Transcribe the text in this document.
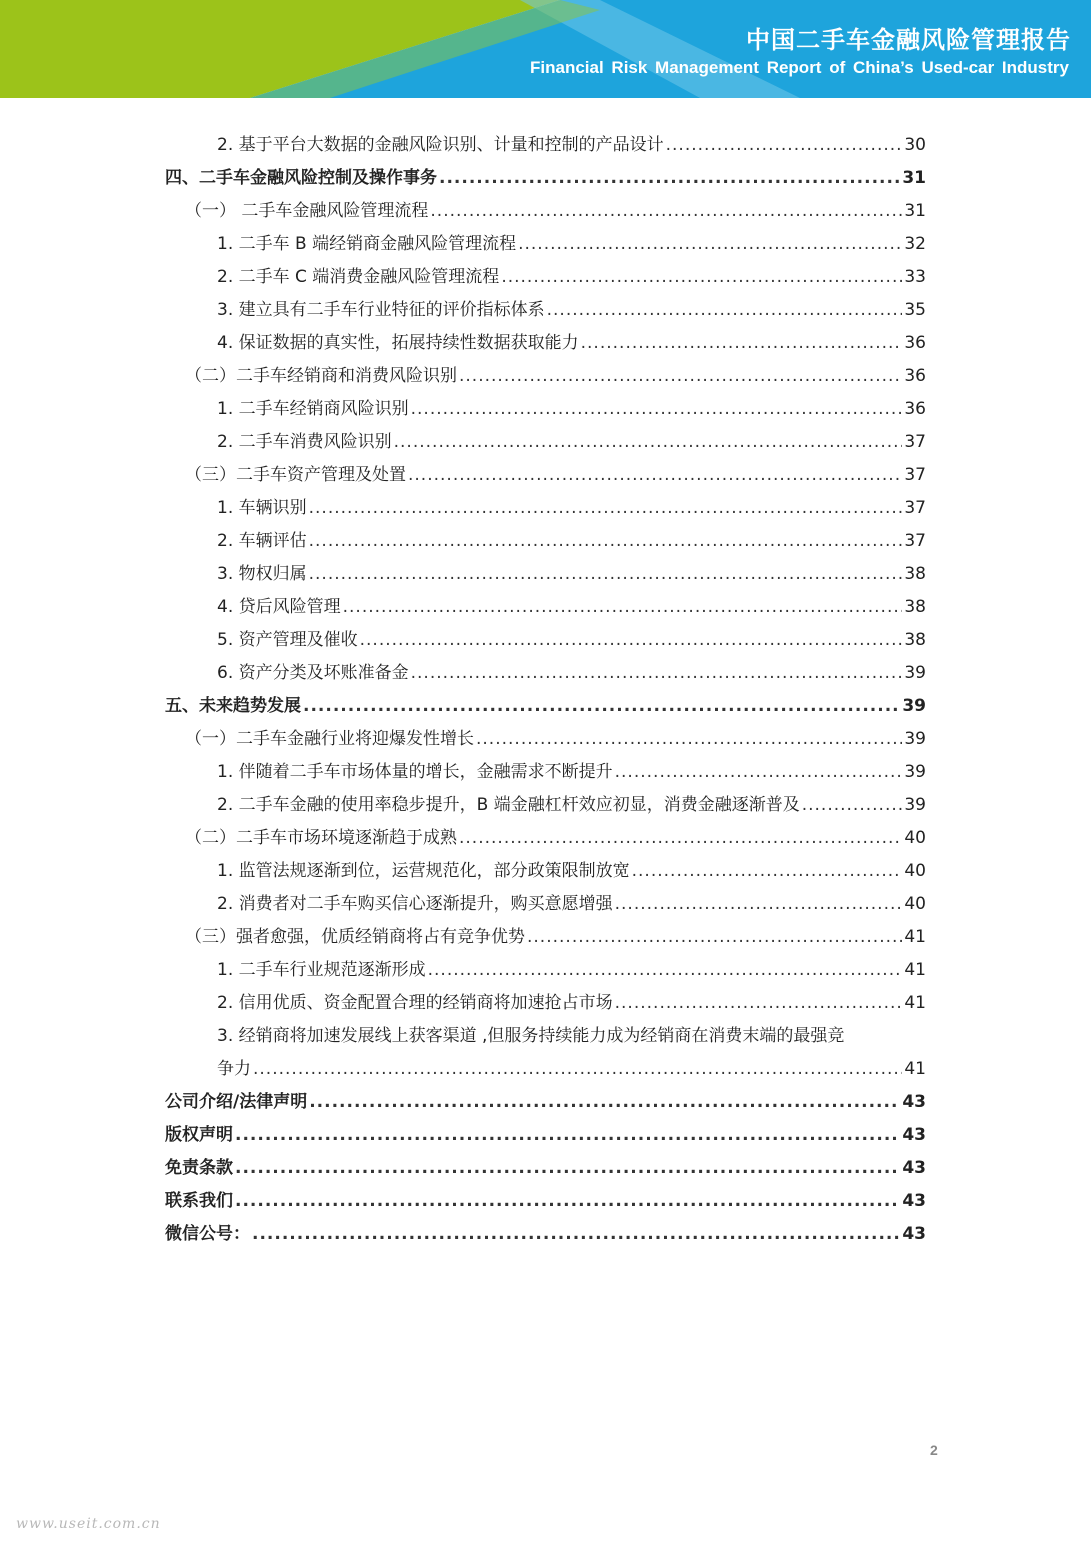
中国二手车金融风险管理报告
Financial Risk Management Report of China’s Used-car Industry
2. 基于平台大数据的金融风险识别、计量和控制的产品设计 .....	30
四、二手车金融风险控制及操作事务 .....	31
（一） 二手车金融风险管理流程 .....	31
1. 二手车 B 端经销商金融风险管理流程 .....	32
2. 二手车 C 端消费金融风险管理流程 .....	33
3. 建立具有二手车行业特征的评价指标体系 .....	35
4. 保证数据的真实性，拓展持续性数据获取能力 .....	36
（二）二手车经销商和消费风险识别 .....	36
1. 二手车经销商风险识别 .....	36
2. 二手车消费风险识别 .....	37
（三）二手车资产管理及处置 .....	37
1. 车辆识别 .....	37
2. 车辆评估 .....	37
3. 物权归属 .....	38
4. 贷后风险管理 .....	38
5. 资产管理及催收 .....	38
6. 资产分类及坏账准备金 .....	39
五、未来趋势发展 .....	39
（一）二手车金融行业将迎爆发性增长 .....	39
1. 伴随着二手车市场体量的增长，金融需求不断提升 .....	39
2. 二手车金融的使用率稳步提升，B 端金融杠杆效应初显，消费金融逐渐普及 .....	39
（二）二手车市场环境逐渐趋于成熟 .....	40
1. 监管法规逐渐到位，运营规范化，部分政策限制放宽 .....	40
2. 消费者对二手车购买信心逐渐提升，购买意愿增强 .....	40
（三）强者愈强，优质经销商将占有竞争优势 .....	41
1. 二手车行业规范逐渐形成 .....	41
2. 信用优质、资金配置合理的经销商将加速抢占市场 .....	41
3. 经销商将加速发展线上获客渠道 ,但服务持续能力成为经销商在消费末端的最强竞
争力 .....	41
公司介绍/法律声明 .....	43
版权声明 .....	43
免责条款 .....	43
联系我们 .....	43
微信公号： .....	43
2
www.useit.com.cn
